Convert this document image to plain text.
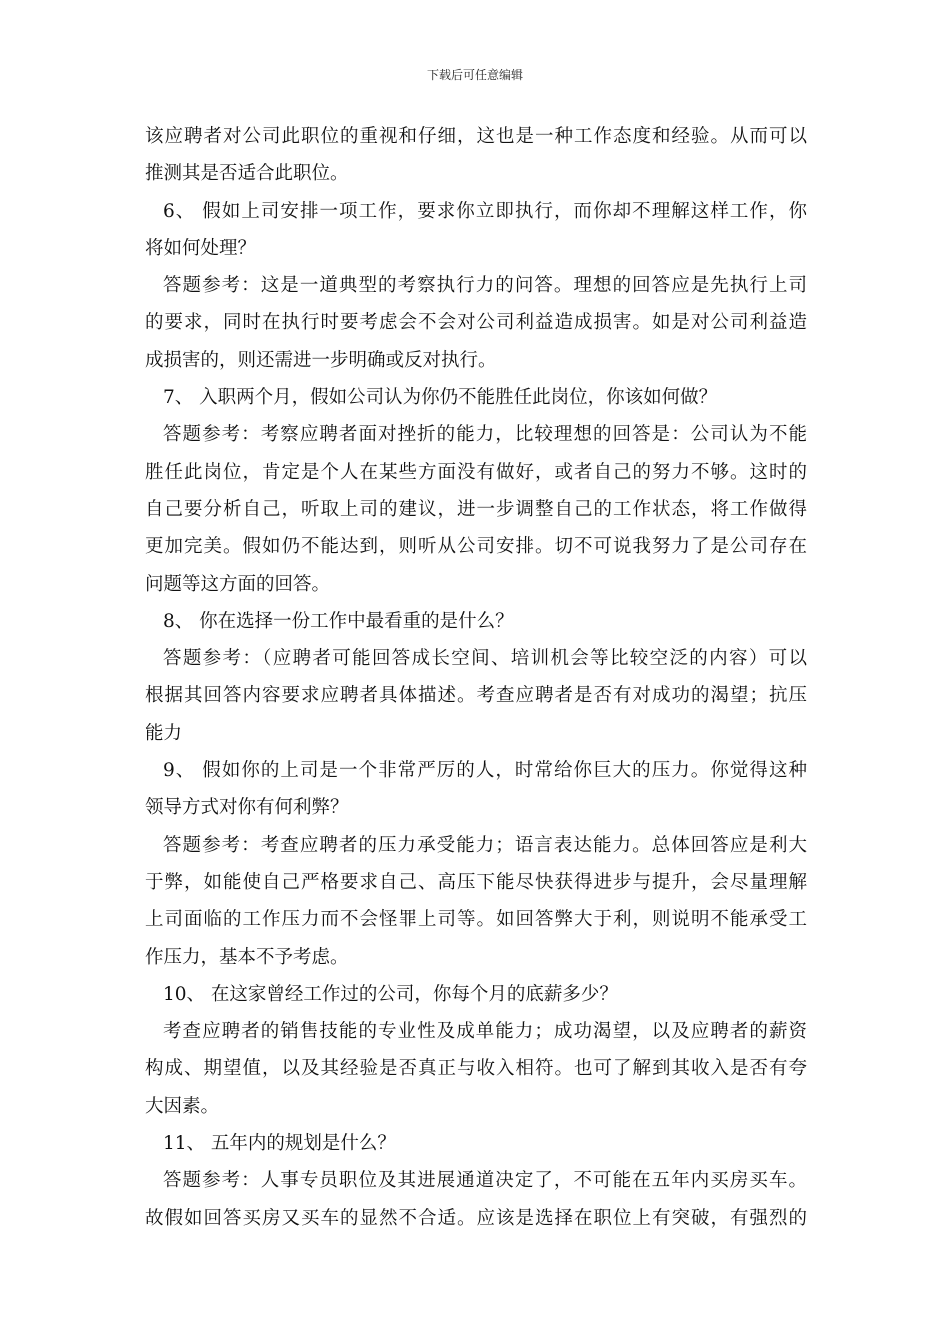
下载后可任意编辑
该应聘者对公司此职位的重视和仔细，这也是一种工作态度和经验。从而可以
推测其是否适合此职位。
6、 假如上司安排一项工作，要求你立即执行，而你却不理解这样工作，你
将如何处理？
答题参考：这是一道典型的考察执行力的问答。理想的回答应是先执行上司
的要求，同时在执行时要考虑会不会对公司利益造成损害。如是对公司利益造
成损害的，则还需进一步明确或反对执行。
7、 入职两个月，假如公司认为你仍不能胜任此岗位，你该如何做？
答题参考：考察应聘者面对挫折的能力，比较理想的回答是：公司认为不能
胜任此岗位，肯定是个人在某些方面没有做好，或者自己的努力不够。这时的
自己要分析自己，听取上司的建议，进一步调整自己的工作状态，将工作做得
更加完美。假如仍不能达到，则听从公司安排。切不可说我努力了是公司存在
问题等这方面的回答。
8、 你在选择一份工作中最看重的是什么？
答题参考：（应聘者可能回答成长空间、培训机会等比较空泛的内容）可以
根据其回答内容要求应聘者具体描述。考查应聘者是否有对成功的渴望；抗压
能力
9、 假如你的上司是一个非常严厉的人，时常给你巨大的压力。你觉得这种
领导方式对你有何利弊？
答题参考：考查应聘者的压力承受能力；语言表达能力。总体回答应是利大
于弊，如能使自己严格要求自己、高压下能尽快获得进步与提升，会尽量理解
上司面临的工作压力而不会怪罪上司等。如回答弊大于利，则说明不能承受工
作压力，基本不予考虑。
10、 在这家曾经工作过的公司，你每个月的底薪多少？
考查应聘者的销售技能的专业性及成单能力；成功渴望，以及应聘者的薪资
构成、期望值，以及其经验是否真正与收入相符。也可了解到其收入是否有夸
大因素。
11、 五年内的规划是什么？
答题参考：人事专员职位及其进展通道决定了，不可能在五年内买房买车。
故假如回答买房又买车的显然不合适。应该是选择在职位上有突破，有强烈的
